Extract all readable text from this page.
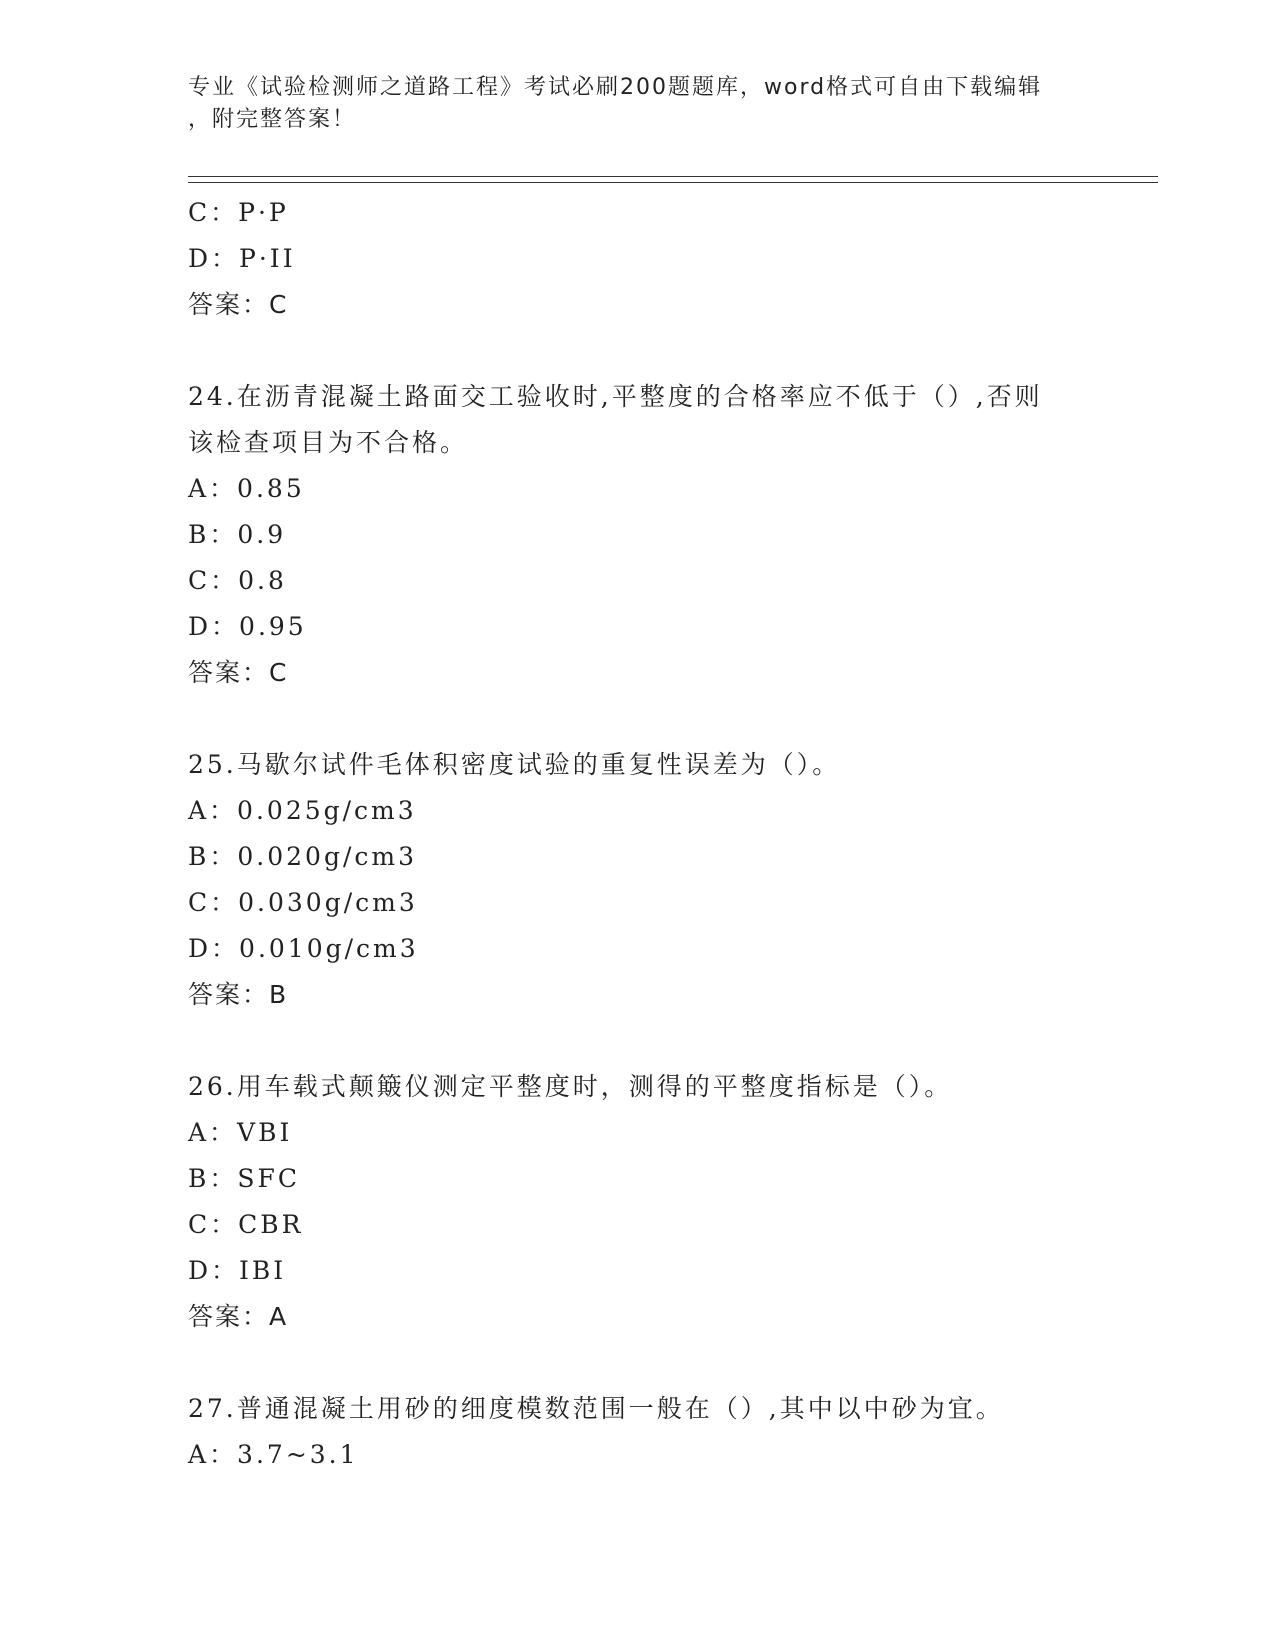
专业《试验检测师之道路工程》考试必刷200题题库，word格式可自由下载编辑
，附完整答案！
C：P·P
D：P·II
答案：C
24.在沥青混凝土路面交工验收时,平整度的合格率应不低于（）,否则
该检查项目为不合格。
A：0.85
B：0.9
C：0.8
D：0.95
答案：C
25.马歇尔试件毛体积密度试验的重复性误差为（）。
A：0.025g/cm3
B：0.020g/cm3
C：0.030g/cm3
D：0.010g/cm3
答案：B
26.用车载式颠簸仪测定平整度时，测得的平整度指标是（）。
A：VBI
B：SFC
C：CBR
D：IBI
答案：A
27.普通混凝土用砂的细度模数范围一般在（）,其中以中砂为宜。
A：3.7~3.1
